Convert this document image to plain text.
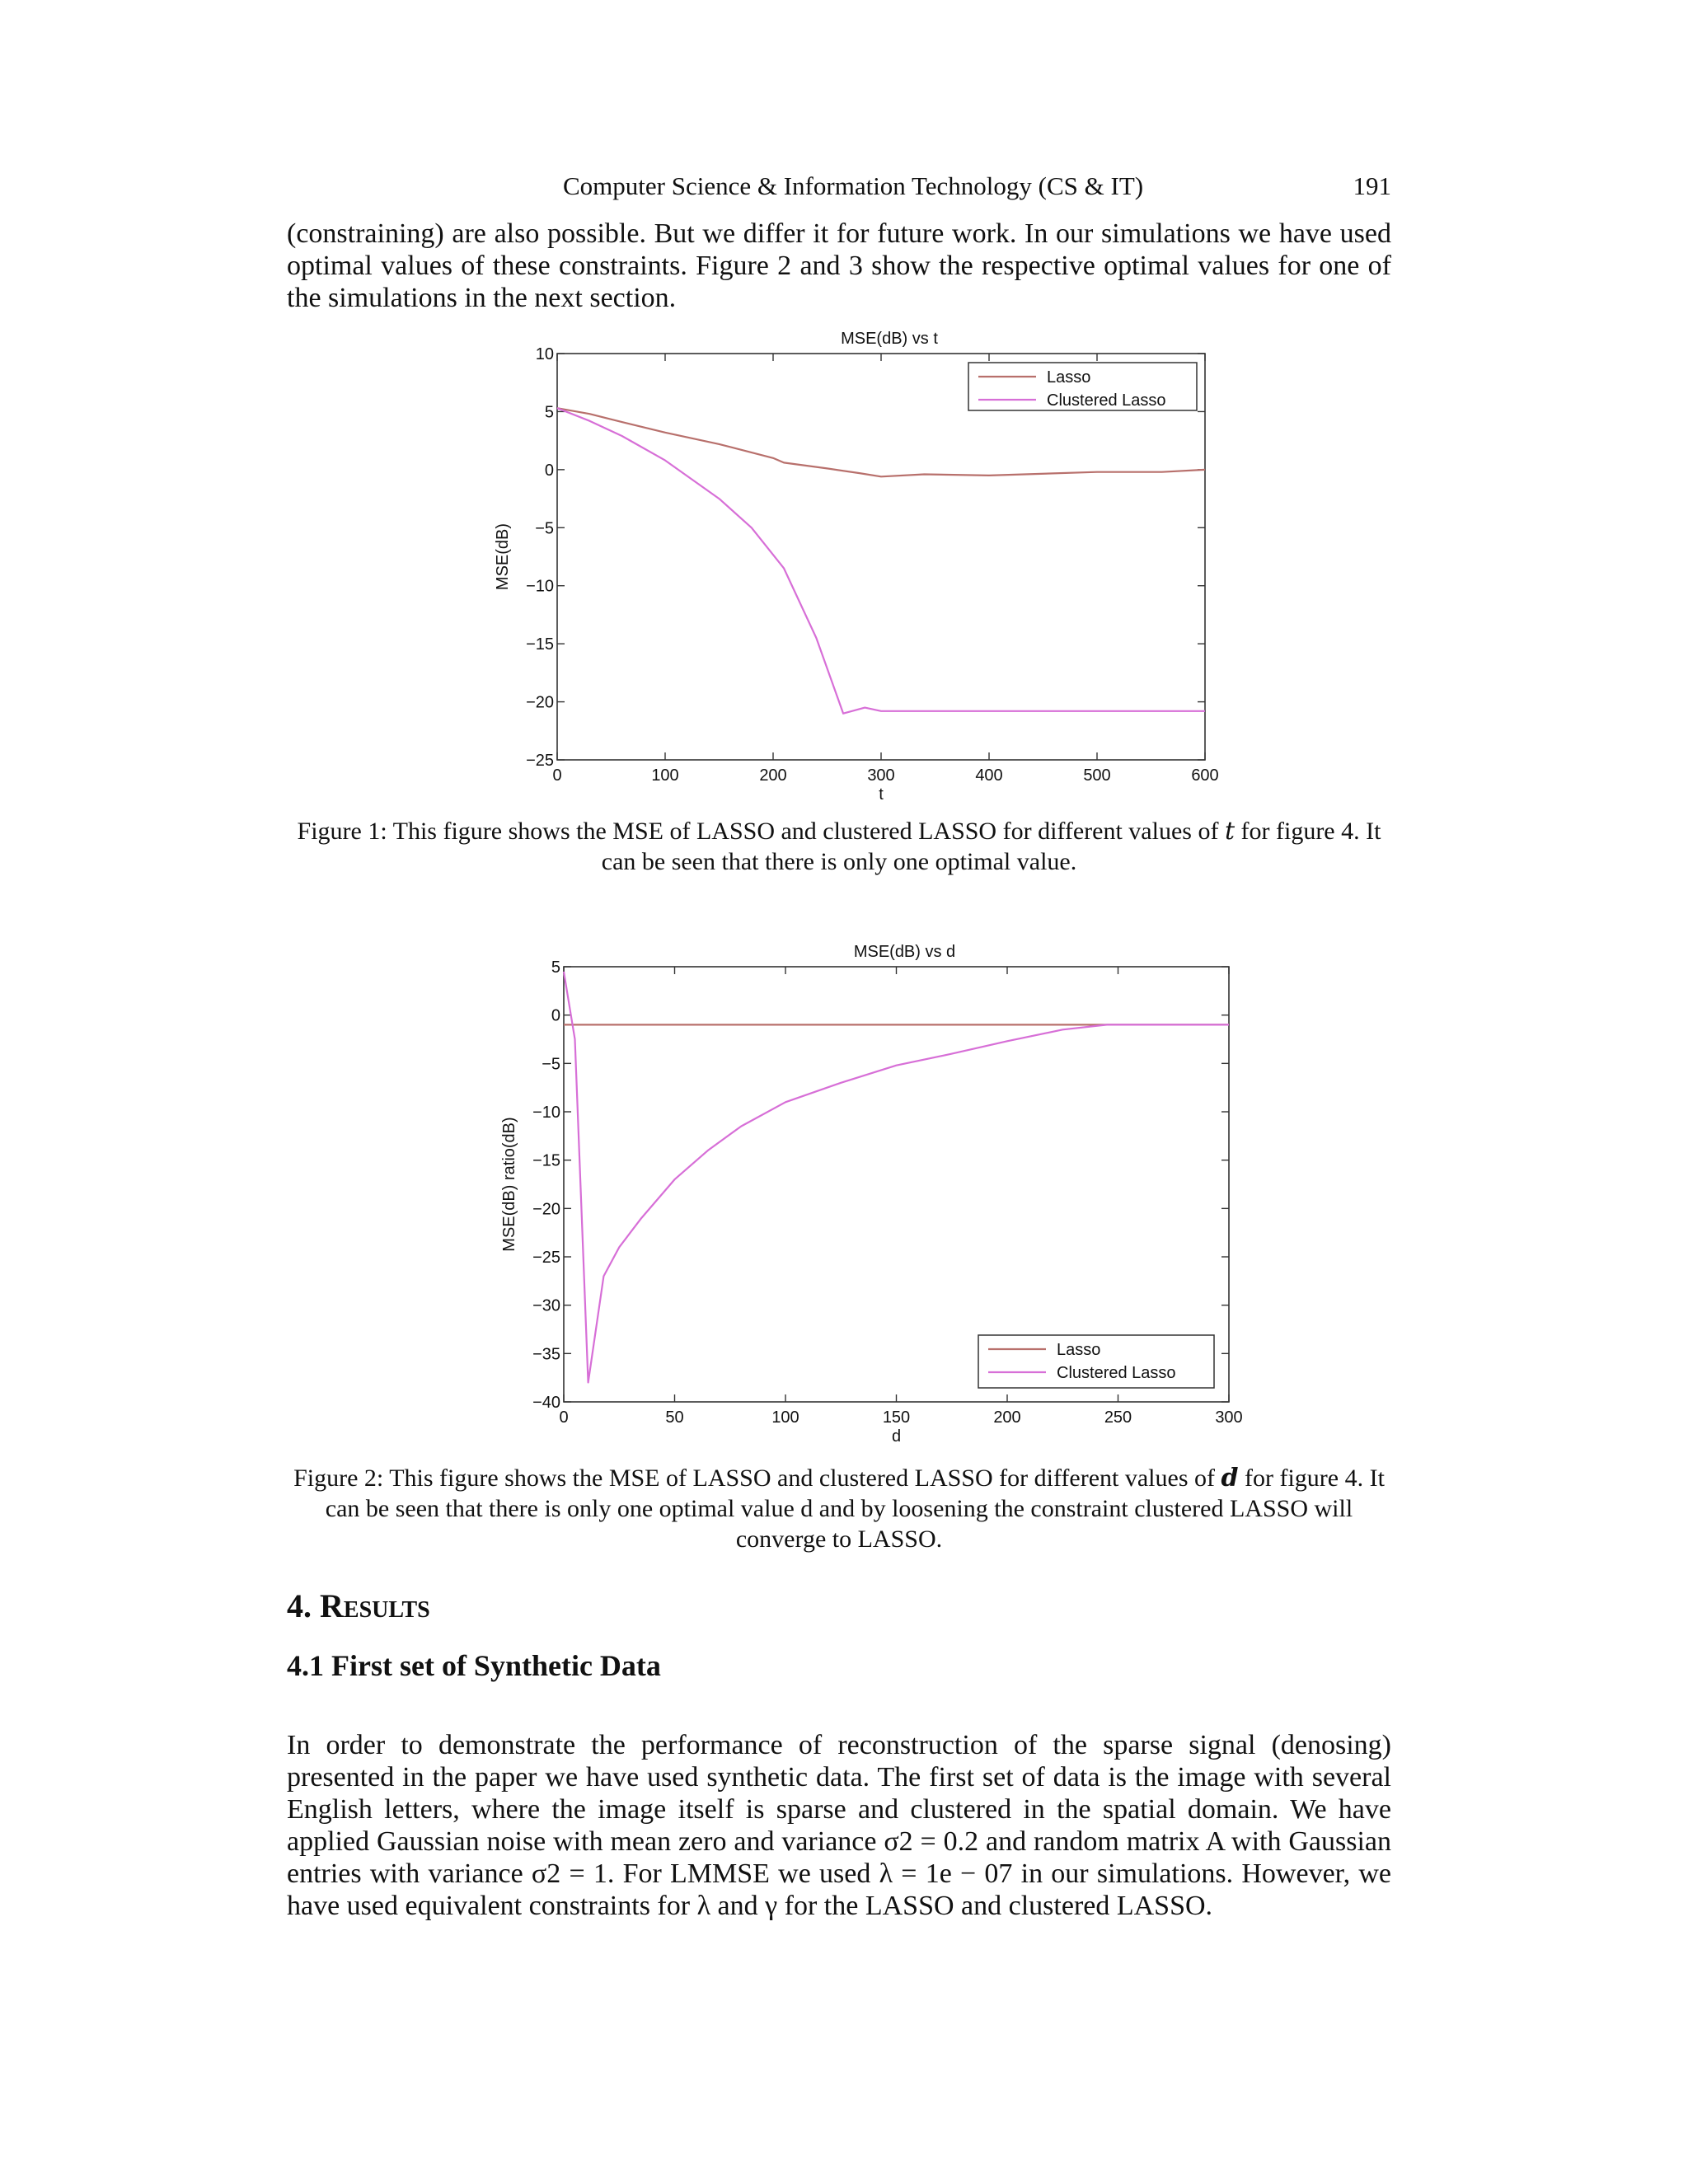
Computer Science & Information Technology (CS & IT)	191

(constraining) are also possible. But we differ it for future work. In our simulations we have used optimal values of these constraints. Figure 2 and 3 show the respective optimal values for one of the simulations in the next section.

0	100	200	300	400	500	600
10
5
0
−5
−10
−15
−20
−25
MSE(dB) vs t
t
MSE(dB)
Lasso
Clustered Lasso

Figure 1: This figure shows the MSE of LASSO and clustered LASSO for different values of t for figure 4. It can be seen that there is only one optimal value.

0	50	100	150	200	250	300
5
0
−5
−10
−15
−20
−25
−30
−35
−40
MSE(dB) vs d
d
MSE(dB) ratio(dB)
Lasso
Clustered Lasso

Figure 2: This figure shows the MSE of LASSO and clustered LASSO for different values of d for figure 4. It can be seen that there is only one optimal value d and by loosening the constraint clustered LASSO will converge to LASSO.

4. Results
4.1 First set of Synthetic Data

In order to demonstrate the performance of reconstruction of the sparse signal (denosing) presented in the paper we have used synthetic data. The first set of data is the image with several English letters, where the image itself is sparse and clustered in the spatial domain. We have applied Gaussian noise with mean zero and variance σ2 = 0.2 and random matrix A with Gaussian entries with variance σ2 = 1. For LMMSE we used λ = 1e − 07 in our simulations. However, we have used equivalent constraints for λ and γ for the LASSO and clustered LASSO.
